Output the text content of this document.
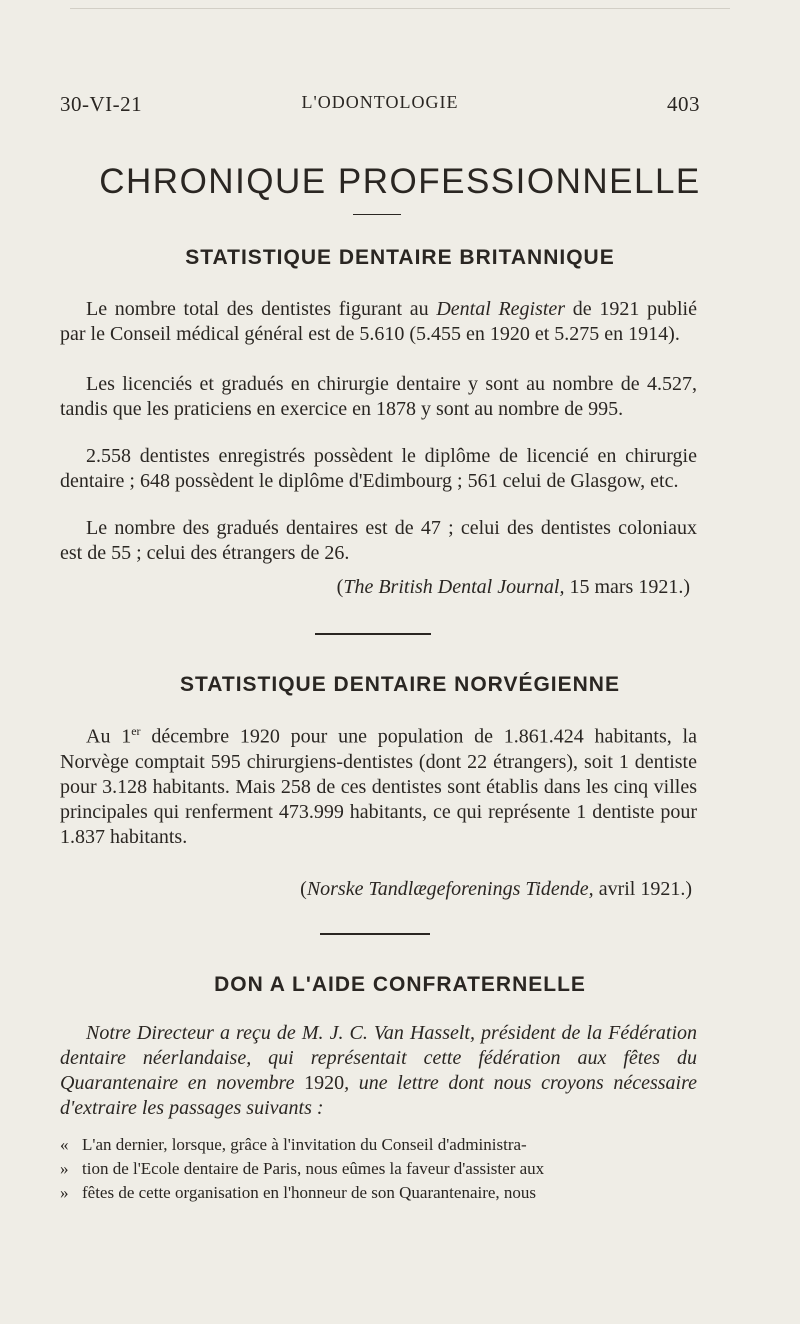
30-VI-21	L'ODONTOLOGIE	403
CHRONIQUE PROFESSIONNELLE
STATISTIQUE DENTAIRE BRITANNIQUE

Le nombre total des dentistes figurant au Dental Register de 1921 publié par le Conseil médical général est de 5.610 (5.455 en 1920 et 5.275 en 1914).

Les licenciés et gradués en chirurgie dentaire y sont au nombre de 4.527, tandis que les praticiens en exercice en 1878 y sont au nombre de 995.

2.558 dentistes enregistrés possèdent le diplôme de licencié en chirurgie dentaire ; 648 possèdent le diplôme d'Edimbourg ; 561 celui de Glasgow, etc.

Le nombre des gradués dentaires est de 47 ; celui des dentistes coloniaux est de 55 ; celui des étrangers de 26.

(The British Dental Journal, 15 mars 1921.)

STATISTIQUE DENTAIRE NORVÉGIENNE

Au 1er décembre 1920 pour une population de 1.861.424 habitants, la Norvège comptait 595 chirurgiens-dentistes (dont 22 étrangers), soit 1 dentiste pour 3.128 habitants. Mais 258 de ces dentistes sont établis dans les cinq villes principales qui renferment 473.999 habitants, ce qui représente 1 dentiste pour 1.837 habitants.

(Norske Tandlægeforenings Tidende, avril 1921.)

DON A L'AIDE CONFRATERNELLE

Notre Directeur a reçu de M. J. C. Van Hasselt, président de la Fédération dentaire néerlandaise, qui représentait cette fédération aux fêtes du Quarantenaire en novembre 1920, une lettre dont nous croyons nécessaire d'extraire les passages suivants :

« L'an dernier, lorsque, grâce à l'invitation du Conseil d'administra-

» tion de l'Ecole dentaire de Paris, nous eûmes la faveur d'assister aux

» fêtes de cette organisation en l'honneur de son Quarantenaire, nous
